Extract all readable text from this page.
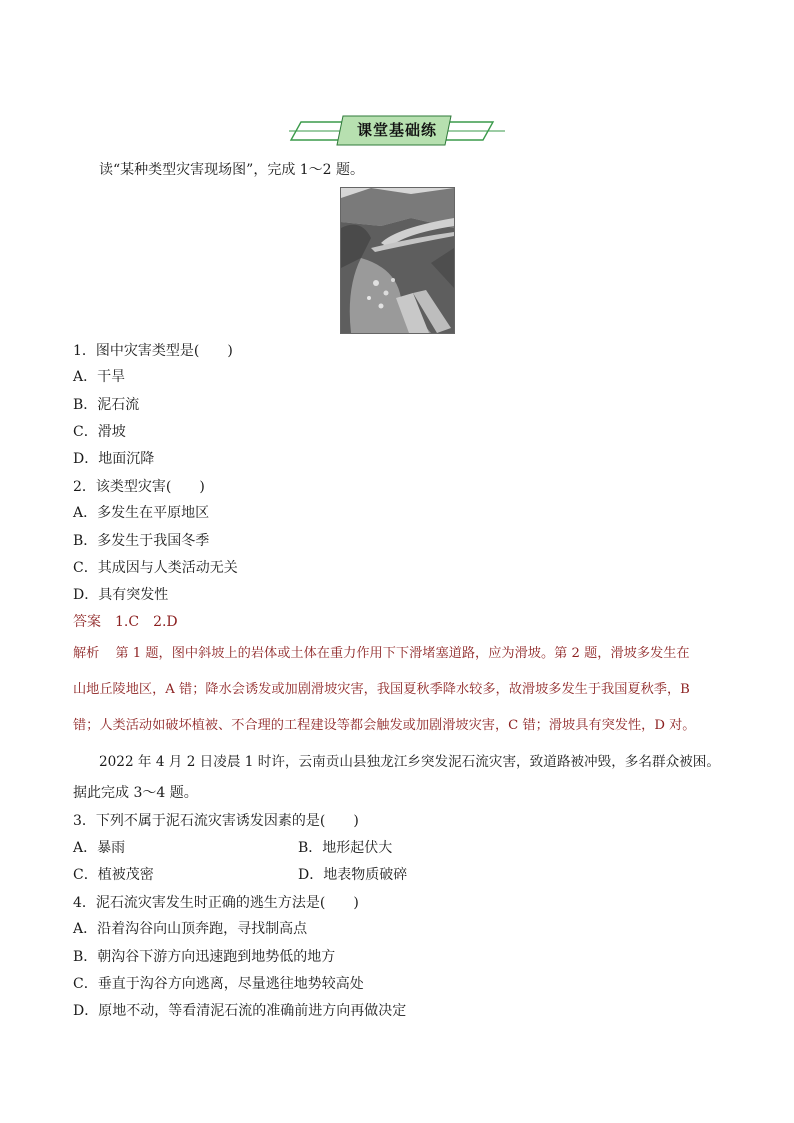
课堂基础练
读“某种类型灾害现场图”，完成 1～2 题。
1．图中灾害类型是(　　)
A．干旱
B．泥石流
C．滑坡
D．地面沉降
2．该类型灾害(　　)
A．多发生在平原地区
B．多发生于我国冬季
C．其成因与人类活动无关
D．具有突发性
答案 1.C　2.D
解析 第 1 题，图中斜坡上的岩体或土体在重力作用下下滑堵塞道路，应为滑坡。第 2 题，滑坡多发生在
山地丘陵地区，A 错；降水会诱发或加剧滑坡灾害，我国夏秋季降水较多，故滑坡多发生于我国夏秋季，B
错；人类活动如破坏植被、不合理的工程建设等都会触发或加剧滑坡灾害，C 错；滑坡具有突发性，D 对。
2022 年 4 月 2 日凌晨 1 时许，云南贡山县独龙江乡突发泥石流灾害，致道路被冲毁，多名群众被困。
据此完成 3～4 题。
3．下列不属于泥石流灾害诱发因素的是(　　)
A．暴雨	B．地形起伏大
C．植被茂密	D．地表物质破碎
4．泥石流灾害发生时正确的逃生方法是(　　)
A．沿着沟谷向山顶奔跑，寻找制高点
B．朝沟谷下游方向迅速跑到地势低的地方
C．垂直于沟谷方向逃离，尽量逃往地势较高处
D．原地不动，等看清泥石流的准确前进方向再做决定
